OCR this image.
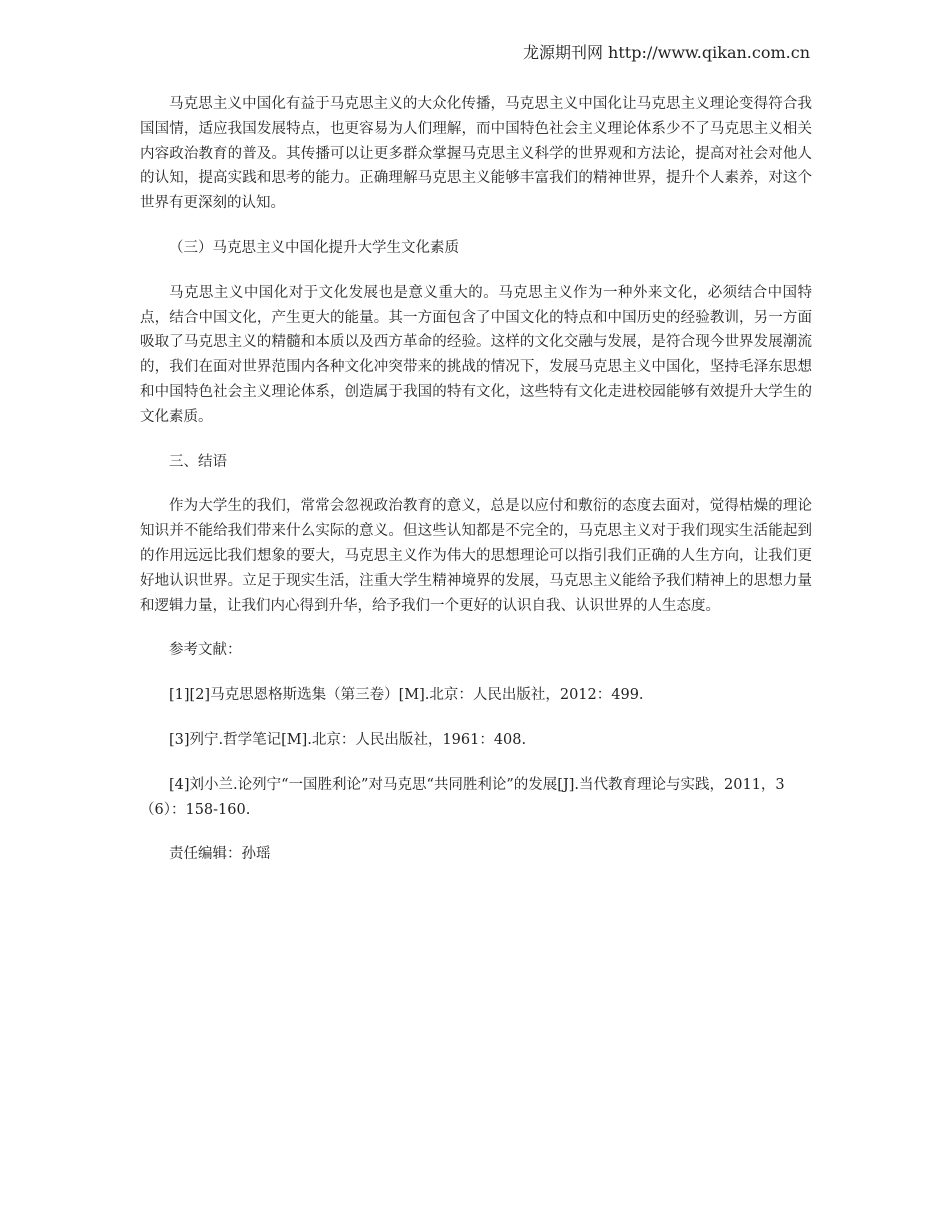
龙源期刊网 http://www.qikan.com.cn

马克思主义中国化有益于马克思主义的大众化传播，马克思主义中国化让马克思主义理论变得符合我国国情，适应我国发展特点，也更容易为人们理解，而中国特色社会主义理论体系少不了马克思主义相关内容政治教育的普及。其传播可以让更多群众掌握马克思主义科学的世界观和方法论，提高对社会对他人的认知，提高实践和思考的能力。正确理解马克思主义能够丰富我们的精神世界，提升个人素养，对这个世界有更深刻的认知。

（三）马克思主义中国化提升大学生文化素质

马克思主义中国化对于文化发展也是意义重大的。马克思主义作为一种外来文化，必须结合中国特点，结合中国文化，产生更大的能量。其一方面包含了中国文化的特点和中国历史的经验教训，另一方面吸取了马克思主义的精髓和本质以及西方革命的经验。这样的文化交融与发展，是符合现今世界发展潮流的，我们在面对世界范围内各种文化冲突带来的挑战的情况下，发展马克思主义中国化，坚持毛泽东思想和中国特色社会主义理论体系，创造属于我国的特有文化，这些特有文化走进校园能够有效提升大学生的文化素质。

三、结语

作为大学生的我们，常常会忽视政治教育的意义，总是以应付和敷衍的态度去面对，觉得枯燥的理论知识并不能给我们带来什么实际的意义。但这些认知都是不完全的，马克思主义对于我们现实生活能起到的作用远远比我们想象的要大，马克思主义作为伟大的思想理论可以指引我们正确的人生方向，让我们更好地认识世界。立足于现实生活，注重大学生精神境界的发展，马克思主义能给予我们精神上的思想力量和逻辑力量，让我们内心得到升华，给予我们一个更好的认识自我、认识世界的人生态度。

参考文献：

[1][2]马克思恩格斯选集（第三卷）[M].北京：人民出版社，2012：499.

[3]列宁.哲学笔记[M].北京：人民出版社，1961：408.

[4]刘小兰.论列宁“一国胜利论”对马克思“共同胜利论”的发展[J].当代教育理论与实践，2011，3（6）：158-160.

责任编辑：孙瑶
